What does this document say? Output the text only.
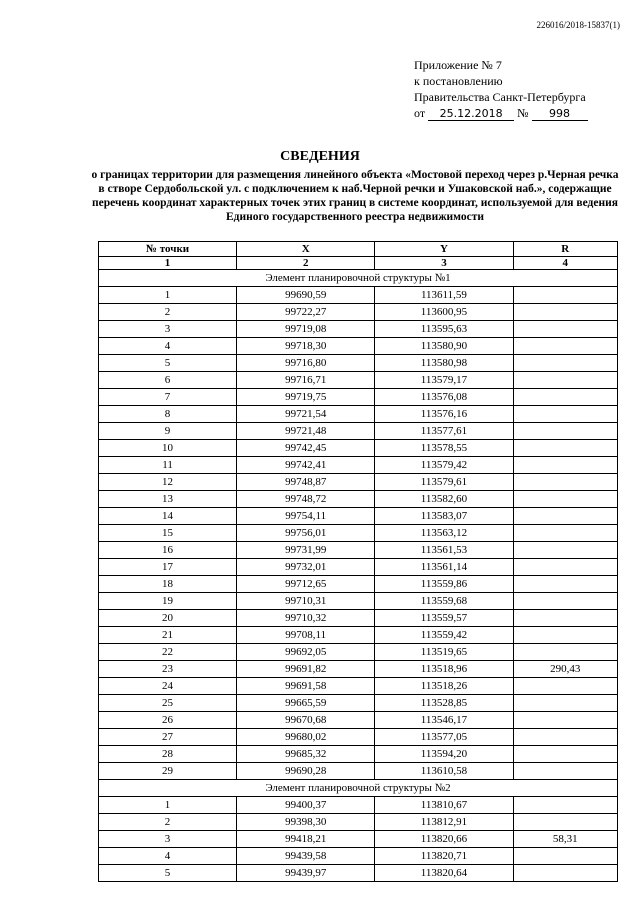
226016/2018-15837(1)
Приложение № 7
к постановлению
Правительства Санкт-Петербурга
от 25.12.2018 № 998
СВЕДЕНИЯ
о границах территории для размещения линейного объекта «Мостовой переход через р.Черная речка в створе Сердобольской ул. с подключением к наб.Черной речки и Ушаковской наб.», содержащие перечень координат характерных точек этих границ в системе координат, используемой для ведения Единого государственного реестра недвижимости
№ точки	X	Y	R
1	2	3	4
Элемент планировочной структуры №1			
1	99690,59	113611,59	
2	99722,27	113600,95	
3	99719,08	113595,63	
4	99718,30	113580,90	
5	99716,80	113580,98	
6	99716,71	113579,17	
7	99719,75	113576,08	
8	99721,54	113576,16	
9	99721,48	113577,61	
10	99742,45	113578,55	
11	99742,41	113579,42	
12	99748,87	113579,61	
13	99748,72	113582,60	
14	99754,11	113583,07	
15	99756,01	113563,12	
16	99731,99	113561,53	
17	99732,01	113561,14	
18	99712,65	113559,86	
19	99710,31	113559,68	
20	99710,32	113559,57	
21	99708,11	113559,42	
22	99692,05	113519,65	
23	99691,82	113518,96	290,43
24	99691,58	113518,26	
25	99665,59	113528,85	
26	99670,68	113546,17	
27	99680,02	113577,05	
28	99685,32	113594,20	
29	99690,28	113610,58	
Элемент планировочной структуры №2			
1	99400,37	113810,67	
2	99398,30	113812,91	
3	99418,21	113820,66	58,31
4	99439,58	113820,71	
5	99439,97	113820,64	
